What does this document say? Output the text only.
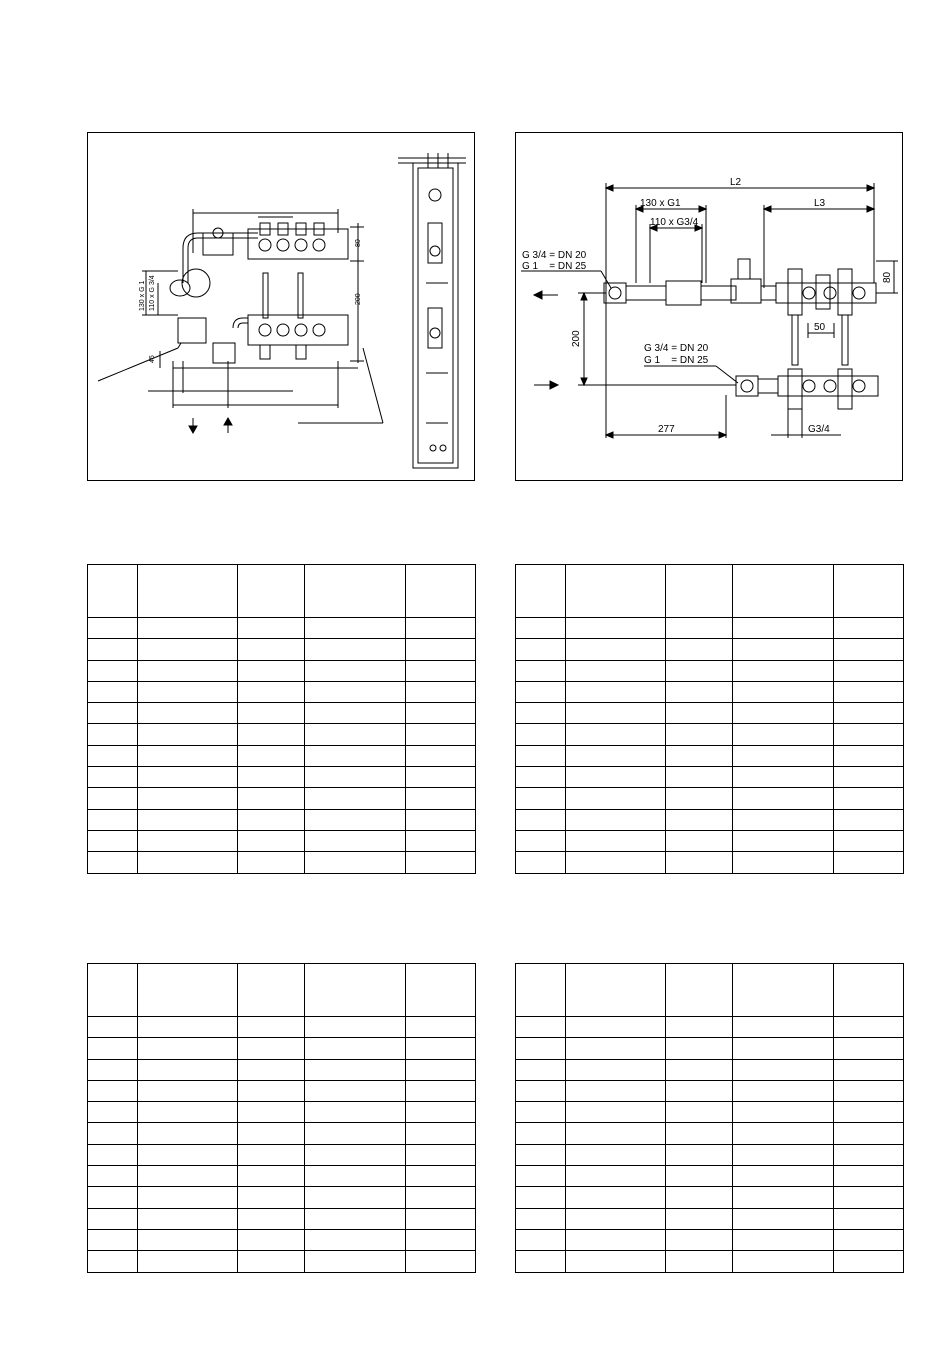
80
200
45
130 x G 1 110 x G 3/4
L2
L3
130 x G1
110 x G3/4
G 3/4 = DN 20
G 1    = DN 25
G 3/4 = DN 20
G 1    = DN 25
80
200
50
277	G3/4
